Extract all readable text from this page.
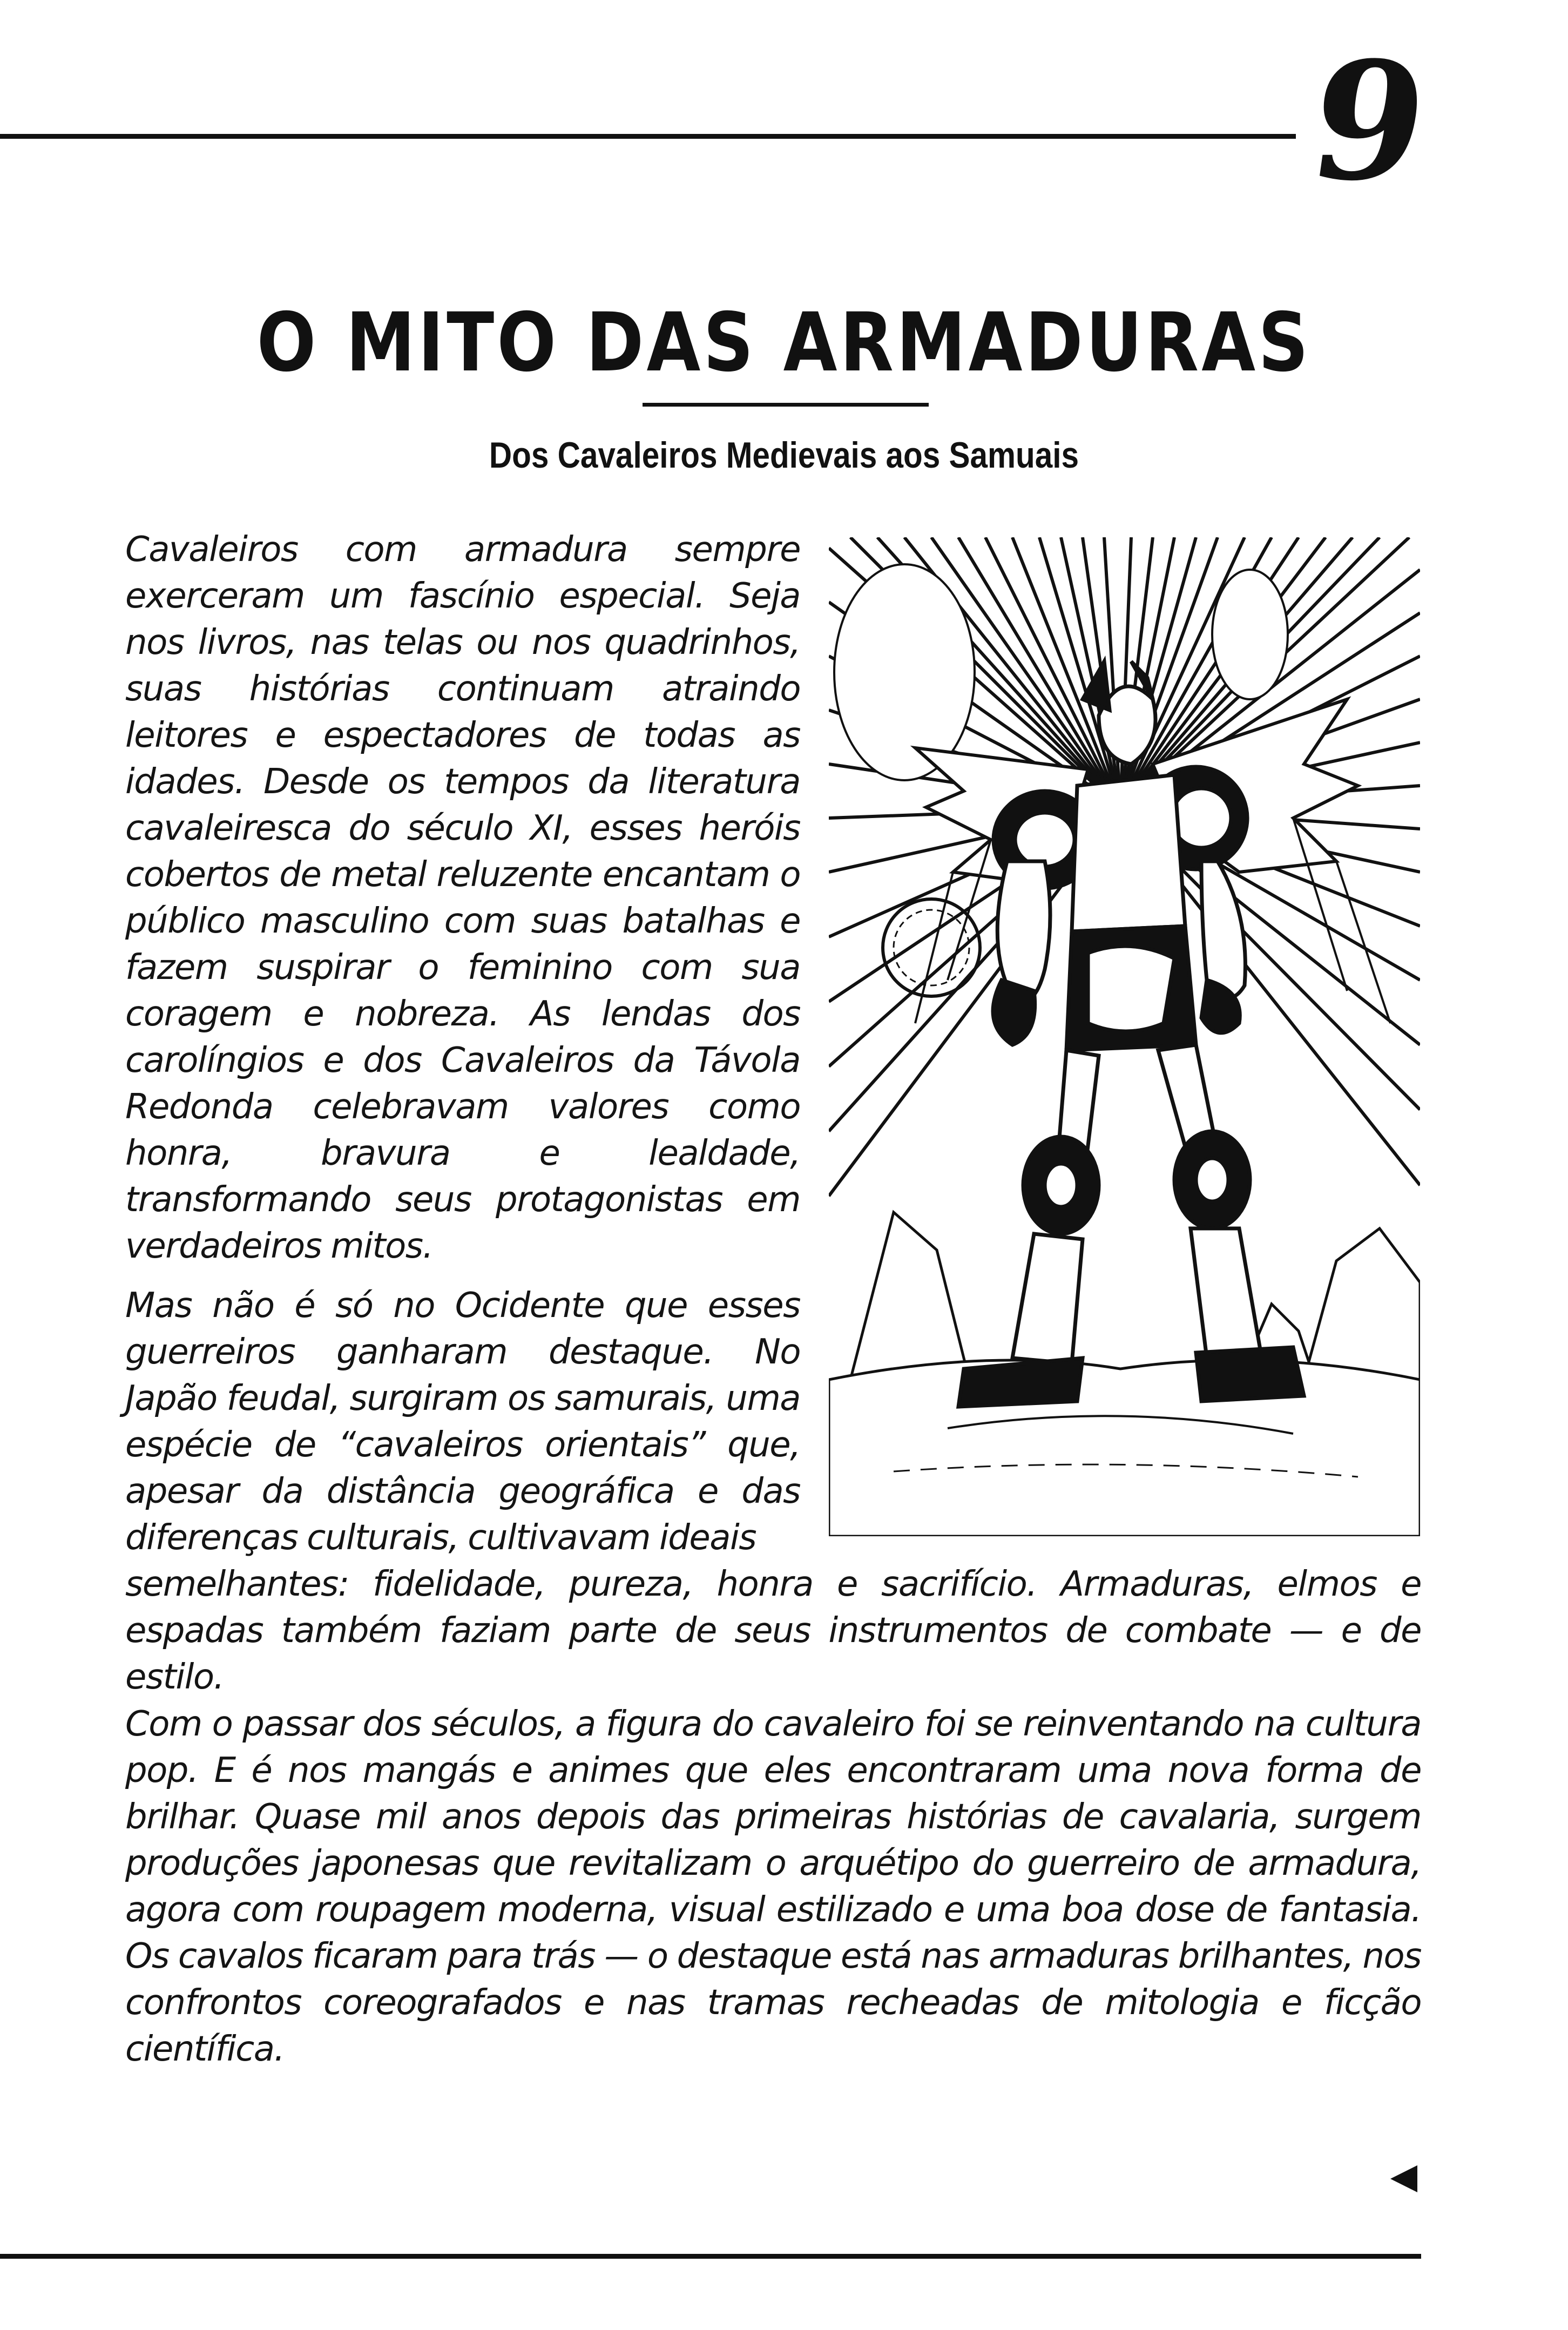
9
O MITO DAS ARMADURAS
Dos Cavaleiros Medievais aos Samuais

Cavaleiros com armadura sempre exerceram um fascínio especial. Seja nos livros, nas telas ou nos quadrinhos, suas histórias continuam atraindo leitores e espectadores de todas as idades. Desde os tempos da literatura cavaleiresca do século XI, esses heróis cobertos de metal reluzente encantam o público masculino com suas batalhas e fazem suspirar o feminino com sua coragem e nobreza. As lendas dos carolíngios e dos Cavaleiros da Távola Redonda celebravam valores como honra, bravura e lealdade, transformando seus protagonistas em verdadeiros mitos.

Mas não é só no Ocidente que esses guerreiros ganharam destaque. No Japão feudal, surgiram os samurais, uma espécie de “cavaleiros orientais” que, apesar da distância geográfica e das diferenças culturais, cultivavam ideais
semelhantes: fidelidade, pureza, honra e sacrifício. Armaduras, elmos e espadas também faziam parte de seus instrumentos de combate — e de estilo.
Com o passar dos séculos, a figura do cavaleiro foi se reinventando na cultura pop. E é nos mangás e animes que eles encontraram uma nova forma de brilhar. Quase mil anos depois das primeiras histórias de cavalaria, surgem produções japonesas que revitalizam o arquétipo do guerreiro de armadura, agora com roupagem moderna, visual estilizado e uma boa dose de fantasia. Os cavalos ficaram para trás — o destaque está nas armaduras brilhantes, nos confrontos coreografados e nas tramas recheadas de mitologia e ficção científica.
